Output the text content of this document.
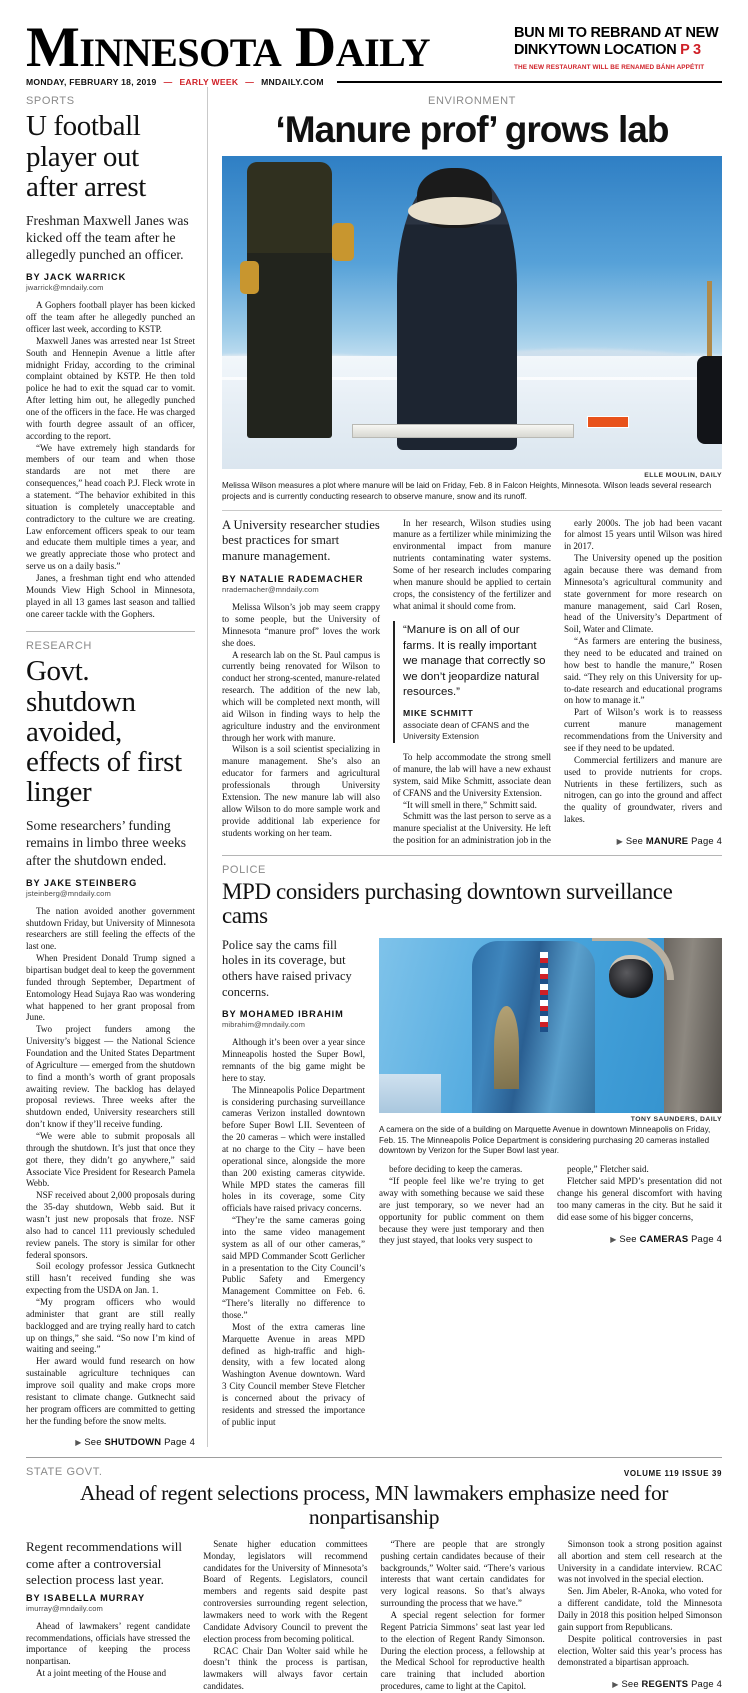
MINNESOTA DAILY	BUN MI TO REBRAND AT NEW
DINKYTOWN LOCATION P 3
THE NEW RESTAURANT WILL BE RENAMED BÁNH APPÉTIT
MONDAY, FEBRUARY 18, 2019 — EARLY WEEK — MNDAILY.COM
SPORTS
U football player out after arrest
Freshman Maxwell Janes was kicked off the team after he allegedly punched an officer.
BY JACK WARRICK
jwarrick@mndaily.com

A Gophers football player has been kicked off the team after he allegedly punched an officer last week, according to KSTP.

Maxwell Janes was arrested near 1st Street South and Hennepin Avenue a little after midnight Friday, according to the criminal complaint obtained by KSTP. He then told police he had to exit the squad car to vomit. After letting him out, he allegedly punched one of the officers in the face. He was charged with fourth degree assault of an officer, according to the report.

“We have extremely high standards for members of our team and when those standards are not met there are consequences,” head coach P.J. Fleck wrote in a statement. “The behavior exhibited in this situation is completely unacceptable and contradictory to the culture we are creating. Law enforcement officers speak to our team and educate them multiple times a year, and we greatly appreciate those who protect and serve us on a daily basis.”

Janes, a freshman tight end who attended Mounds View High School in Minnesota, played in all 13 games last season and tallied one career tackle with the Gophers.

RESEARCH
Govt. shutdown avoided, effects of first linger
Some researchers’ funding remains in limbo three weeks after the shutdown ended.
BY JAKE STEINBERG
jsteinberg@mndaily.com

The nation avoided another government shutdown Friday, but University of Minnesota researchers are still feeling the effects of the last one.

When President Donald Trump signed a bipartisan budget deal to keep the government funded through September, Department of Entomology Head Sujaya Rao was wondering what happened to her grant proposal from June.

Two project funders among the University’s biggest — the National Science Foundation and the United States Department of Agriculture — emerged from the shutdown to find a month’s worth of grant proposals awaiting review. The backlog has delayed proposal reviews. Three weeks after the shutdown ended, University researchers still don’t know if they’ll receive funding.

“We were able to submit proposals all through the shutdown. It’s just that once they got there, they didn’t go anywhere,” said Associate Vice President for Research Pamela Webb.

NSF received about 2,000 proposals during the 35-day shutdown, Webb said. But it wasn’t just new proposals that froze. NSF also had to cancel 111 previously scheduled review panels. The story is similar for other federal sponsors.

Soil ecology professor Jessica Gutknecht still hasn’t received funding she was expecting from the USDA on Jan. 1.

“My program officers who would administer that grant are still really backlogged and are trying really hard to catch up on things,” she said. “So now I’m kind of waiting and seeing.”

Her award would fund research on how sustainable agriculture techniques can improve soil quality and make crops more resistant to climate change. Gutknecht said her program officers are committed to getting her the funding before the snow melts.

▶ See SHUTDOWN Page 4
ENVIRONMENT
‘Manure prof’ grows lab
ELLE MOULIN, DAILY
Melissa Wilson measures a plot where manure will be laid on Friday, Feb. 8 in Falcon Heights, Minnesota. Wilson leads several research projects and is currently conducting research to observe manure, snow and its runoff.
A University researcher studies best practices for smart manure management.
BY NATALIE RADEMACHER
nrademacher@mndaily.com

Melissa Wilson’s job may seem crappy to some people, but the University of Minnesota “manure prof” loves the work she does.

A research lab on the St. Paul campus is currently being renovated for Wilson to conduct her strong-scented, manure-related research. The addition of the new lab, which will be completed next month, will aid Wilson in finding ways to help the agriculture industry and the environment through her work with manure.

Wilson is a soil scientist specializing in manure management. She’s also an educator for farmers and agricultural professionals through University Extension. The new manure lab will also allow Wilson to do more sample work and provide additional lab experience for students working on her team.

In her research, Wilson studies using manure as a fertilizer while minimizing the environmental impact from manure nutrients contaminating water systems. Some of her research includes comparing when manure should be applied to certain crops, the consistency of the fertilizer and what animal it should come from.

“Manure is on all of our farms. It is really important we manage that correctly so we don’t jeopardize natural resources.”
MIKE SCHMITT
associate dean of CFANS and the University Extension

To help accommodate the strong smell of manure, the lab will have a new exhaust system, said Mike Schmitt, associate dean of CFANS and the University Extension.

“It will smell in there,” Schmitt said.

Schmitt was the last person to serve as a manure specialist at the University. He left the position for an administration job in the

early 2000s. The job had been vacant for almost 15 years until Wilson was hired in 2017.

The University opened up the position again because there was demand from Minnesota’s agricultural community and state government for more research on manure management, said Carl Rosen, head of the University’s Department of Soil, Water and Climate.

“As farmers are entering the business, they need to be educated and trained on how best to handle the manure,” Rosen said. “They rely on this University for up-to-date research and educational programs on how to manage it.”

Part of Wilson’s work is to reassess current manure management recommendations from the University and see if they need to be updated.

Commercial fertilizers and manure are used to provide nutrients for crops. Nutrients in these fertilizers, such as nitrogen, can go into the ground and affect the quality of groundwater, rivers and lakes.

▶ See MANURE Page 4
POLICE
MPD considers purchasing downtown surveillance cams
Police say the cams fill holes in its coverage, but others have raised privacy concerns.
BY MOHAMED IBRAHIM
mibrahim@mndaily.com

Although it’s been over a year since Minneapolis hosted the Super Bowl, remnants of the big game might be here to stay.

The Minneapolis Police Department is considering purchasing surveillance cameras Verizon installed downtown before Super Bowl LII. Seventeen of the 20 cameras – which were installed at no charge to the City – have been operational since, alongside the more than 200 existing cameras citywide. While MPD states the cameras fill holes in its coverage, some City officials have raised privacy concerns.

“They’re the same cameras going into the same video management system as all of our other cameras,” said MPD Commander Scott Gerlicher in a presentation to the City Council’s Public Safety and Emergency Management Committee on Feb. 6. “There’s literally no difference to those.”

Most of the extra cameras line Marquette Avenue in areas MPD defined as high-traffic and high-density, with a few located along Washington Avenue downtown. Ward 3 City Council member Steve Fletcher is concerned about the privacy of residents and stressed the importance of public input

TONY SAUNDERS, DAILY
A camera on the side of a building on Marquette Avenue in downtown Minneapolis on Friday, Feb. 15. The Minneapolis Police Department is considering purchasing 20 cameras installed downtown by Verizon for the Super Bowl last year.

before deciding to keep the cameras.

“If people feel like we’re trying to get away with something because we said these are just temporary, so we never had an opportunity for public comment on them because they were just temporary and then they just stayed, that looks very suspect to

people,” Fletcher said.

Fletcher said MPD’s presentation did not change his general discomfort with having too many cameras in the city. But he said it did ease some of his bigger concerns,

▶ See CAMERAS Page 4
STATE GOVT.
Ahead of regent selections process, MN lawmakers emphasize need for nonpartisanship
Regent recommendations will come after a controversial selection process last year.
BY ISABELLA MURRAY
imurray@mndaily.com

Ahead of lawmakers’ regent candidate recommendations, officials have stressed the importance of keeping the process nonpartisan.

At a joint meeting of the House and

Senate higher education committees Monday, legislators will recommend candidates for the University of Minnesota’s Board of Regents. Legislators, council members and regents said despite past controversies surrounding regent selection, lawmakers need to work with the Regent Candidate Advisory Council to prevent the election process from becoming political.

RCAC Chair Dan Wolter said while he doesn’t think the process is partisan, lawmakers will always favor certain candidates.

“There are people that are strongly pushing certain candidates because of their backgrounds,” Wolter said. “There’s various interests that want certain candidates for very logical reasons. So that’s always surrounding the process that we have.”

A special regent selection for former Regent Patricia Simmons’ seat last year led to the election of Regent Randy Simonson. During the election process, a fellowship at the Medical School for reproductive health care training that included abortion procedures, came to light at the Capitol.

Simonson took a strong position against all abortion and stem cell research at the University in a candidate interview. RCAC was not involved in the special election.

Sen. Jim Abeler, R-Anoka, who voted for a different candidate, told the Minnesota Daily in 2018 this position helped Simonson gain support from Republicans.

Despite political controversies in past election, Wolter said this year’s process has demonstrated a bipartisan approach.

▶ See REGENTS Page 4
VOLUME 119 ISSUE 39
